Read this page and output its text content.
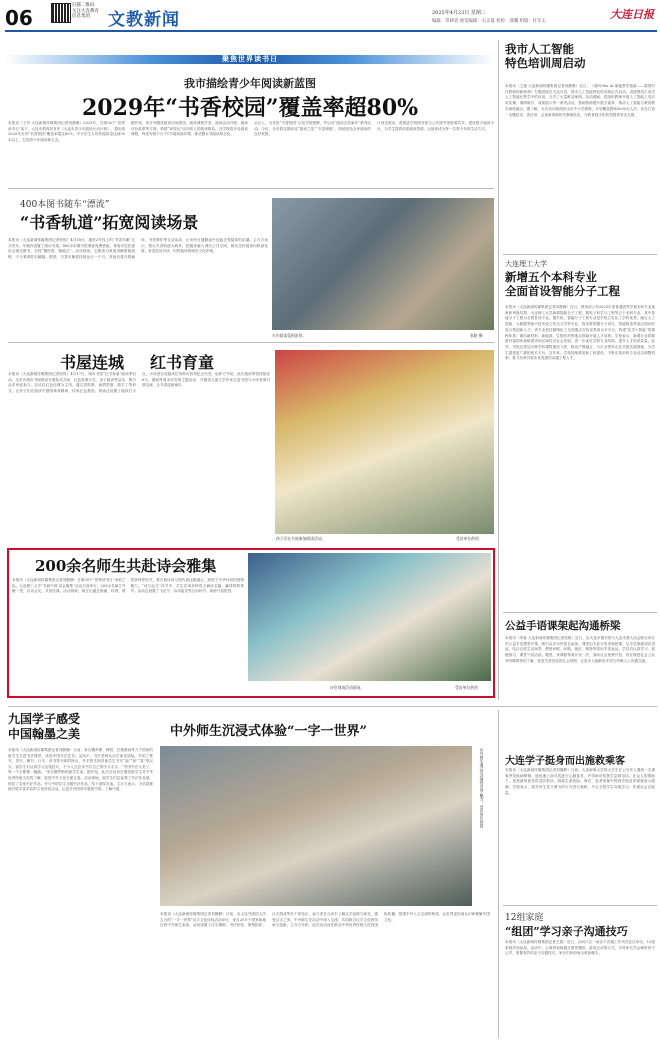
06
扫描二维码
关注大连教育
信息集团	文教新闻	2025年4月23日 星期三
编辑：常耕者 视觉编辑：石正夏 校检：邵馨 组版：杜军玉
大连日报
聚焦世界读书日
我市描绘青少年阅读新蓝图
2029年“书香校园”覆盖率超80%
本报讯（王肖 大连新闻传媒集团记者刘静静）2029年，在第30个“世界读书日”前夕，大连市教育局发布《大连市青少年阅读行动计划》，提出到2029年全市“书香校园”覆盖率超过80%，中小学生人均年阅读量达到30本以上，打造青少年阅读新生态。
据介绍，该计划围绕阅读空间建设、阅读课程开发、阅读活动开展、阅读评价改革等方面，构建“家校社”协同育人的阅读格局。各学校将开设阅读课程，每周安排不少于1节阅读指导课，推动整本书阅读常态化。
会议上，为首批“书香校园”示范学校授牌，并启动“阅读点亮童年”系列活动。今后，全市将定期评选“阅读之星”“书香班级”，持续营造全民阅读的良好氛围。
计划还提出，将推进学校图书馆与公共图书馆资源共享，建设数字阅读平台，为学生提供优质阅读资源，让阅读成为每一名青少年的生活方式。
400本图书随车“漂流”
“书香轨道”拓宽阅读场景
本报讯（大连新闻传媒集团记者张锐）4月18日，地铁2号线上的“书香车厢”正式发车。车厢内设置了流动书架，400余本图书供乘客免费借阅，乘客可在任意站点借还图书，实现“随时借、随地还”。活动现场，志愿者为乘客讲解借阅流程，不少乘客驻足翻阅。据悉，书香车厢将持续运行一个月，其间还将开展诵读、书签制作等互动活动，让市民在通勤途中也能享受阅读的乐趣。主办方表示，将以书香轨道为载体，把阅读融入城市公共空间，推动全民阅读向纵深发展，营造处处可读、时时能读的城市文化环境。
车内阅读氛围浓厚。	张皓 摄
书屋连城 红书育童
本报讯（大连新闻传媒集团记者张锐）4月17日，城市书屋“红书育童”阅读季启动。全市各城市书屋联动开展绘本共读、红色故事分享、亲子阅读等活动，吸引众多家庭参与。活动以红色经典为主线，通过讲故事、演情景剧、做手工等形式，让孩子们在阅读中感悟革命精神，传承红色基因。现场还设置了阅读打卡点，小读者完成阅读任务即可获得纪念书签。组织方介绍，此次阅读季将持续至6月，期间每周末均安排主题活动，并邀请儿童文学作家走进书屋与小读者面对面交流，让书香浸润童年。
孩子们在书屋参加阅读活动。	受访单位供图
200余名师生共赴诗会雅集
本报讯（大连新闻传媒集团记者刘静静）在第30个“世界读书日”来临之际，大连理工大学“书韵中国 诗会雅集”活动日前举行，200余名师生齐聚一堂，以诗会友，共赏经典。活动现场，师生们通过朗诵、吟唱、情景演绎等形式，将古典诗词与现代表达相融合，展现了中华诗词的独特魅力。“诗与远方”环节中，学生们用多种语言诵读名篇，赢得阵阵掌声。活动还设置了飞花令、诗词接龙等互动环节，现场气氛热烈。
诗会现场活动现场。	受访单位供图
我市人工智能
特色培训周启动
本报讯（王通 大连新闻传媒集团记者刘静静）近日，《面向Gen AI 赋能教学创新——数智时代教师的新使命》专题讲座在大连开讲，我市人工智能特色培训周正式启动。讲座围绕生成式人工智能在教学中的应用，分享了大量鲜活案例。活动期间，将组织教师开展人工智能工具应用实操、课例研讨、成果展示等一系列活动，帮助教师提升数字素养，推动人工智能与教育教学深度融合。据了解，本次培训周面向全市中小学教师，计划覆盖教师3000余人次，旨在打造一支懂技术、善应用、会创新的新时代教师队伍，为教育数字化转型提供坚实支撑。
大连理工大学
新增五个本科专业
全面首设智能分子工程
本报讯（大连新闻传媒集团记者刘静静）近日，教育部公布2025年度普通高等学校本科专业备案和审批结果，大连理工大学新增智能分子工程、微电子科学与工程等五个本科专业，其中智能分子工程为全国首设专业。据介绍，智能分子工程专业是学校立足化工学科优势，融合人工智能、大数据等新兴技术设立的交叉学科专业，将培养掌握分子设计、智能制造等前沿知识的复合型创新人才。该专业依托精细化工全国重点实验室等高水平平台，构建“化学+智能”的课程体系，面向新材料、新能源、生物医药等重点领域开展人才培养。学校表示，新增专业将紧密对接国家战略需求和区域经济社会发展，进一步优化学科专业结构，提升人才培养质量。此外，学校还将加大跨学科课程建设力度，推动产教融合，与行业领军企业共建实践基地，为学生提供更广阔的成长平台。近年来，学校持续推进新工科建设，不断完善本科专业动态调整机制，着力培养引领未来发展的卓越工程人才。
公益手语课架起沟通桥梁
本报讯（李嘉 大连新闻传媒集团记者张锐）近日，由大连市图书馆与大连市聋人协会联合举办的公益手语课堂开课，吸引众多市民报名参加。课堂由专业手语老师授课，从手语基础知识讲起，结合日常生活场景，教授问候、问路、就医、购物等常用手语表达。学员们认真学习，积极练习，课堂气氛活跃。据悉，该课程每周开设一次，面向社会免费开放，旨在增进社会公众对听障群体的了解，营造关爱包容的社会氛围，让更多人能够用手语与听障人士沟通交流。
九国学子感受
中国翰墨之美
本报讯（大连新闻传媒集团记者刘静静）日前，来自俄罗斯、韩国、巴基斯坦等九个国家的留学生走进书法课堂，体验中国书法艺术。活动中，书法老师从汉字演变讲起，介绍了篆书、隶书、楷书、行书、草书等书体的特点，并手把手指导留学生书写“福”“和”“春”等汉字。留学生们认真学习运笔技巧，不少人还尝试书写自己的中文名字。“中国书法太美了，每一个字都像一幅画。”来自俄罗斯的留学生说。据介绍，此次活动旨在增进留学生对中华优秀传统文化的了解，促进中外文化交流互鉴。活动现场，留学生们还参观了书法作品展，欣赏了名家书法作品，并与中国学生互赠书法作品，结下深厚友谊。主办方表示，今后将继续开展丰富多彩的文化体验活动，让更多外国青年感知中国、了解中国。
中外师生沉浸式体验“一字一世界”
中外师生通过活动感受汉字魅力。受访单位供图
本报讯（大连新闻传媒集团记者刘静静）日前，由大连外国语大学主办的“一字一世界”汉字文化体验活动举行，来自20多个国家和地区的中外师生参加。活动设置了汉字溯源、书法体验、篆刻拓印、汉字游戏等多个体验区，参与者在互动中了解汉字起源与演变，感受汉字之美。中外师生在活动中深入交流，共同探讨汉字文化的传承与创新。主办方介绍，此次活动旨在推动中华优秀传统文化的国际传播，搭建中外人文交流的桥梁，让世界更好地认识和理解中国文化。
大连学子挺身而出施救乘客
本报讯（大连新闻传媒集团记者刘静静）日前，大连海事大学的大学生在公交车上遇到一名乘客突发疾病晕倒，他迅速上前对其进行心肺复苏，并协助司机拨打急救电话。在众人的帮助下，患者最终被及时送医救治，脱离生命危险。事后，患者家属专程到学校送来锦旗表示感谢。学校表示，将对该生见义勇为的行为进行表彰，号召全校学生向他学习，传递社会正能量。
12组家庭
“组团”学习亲子沟通技巧
本报讯（大连新闻传媒集团记者王震）近日，沙河口区一场亲子沟通工作坊在社区举办，12组家庭共同参加。活动中，心理咨询师通过情景模拟、游戏互动等方式，引导家长学会倾听孩子心声，掌握有效的亲子沟通技巧。家长们纷纷表示收获颇丰。
